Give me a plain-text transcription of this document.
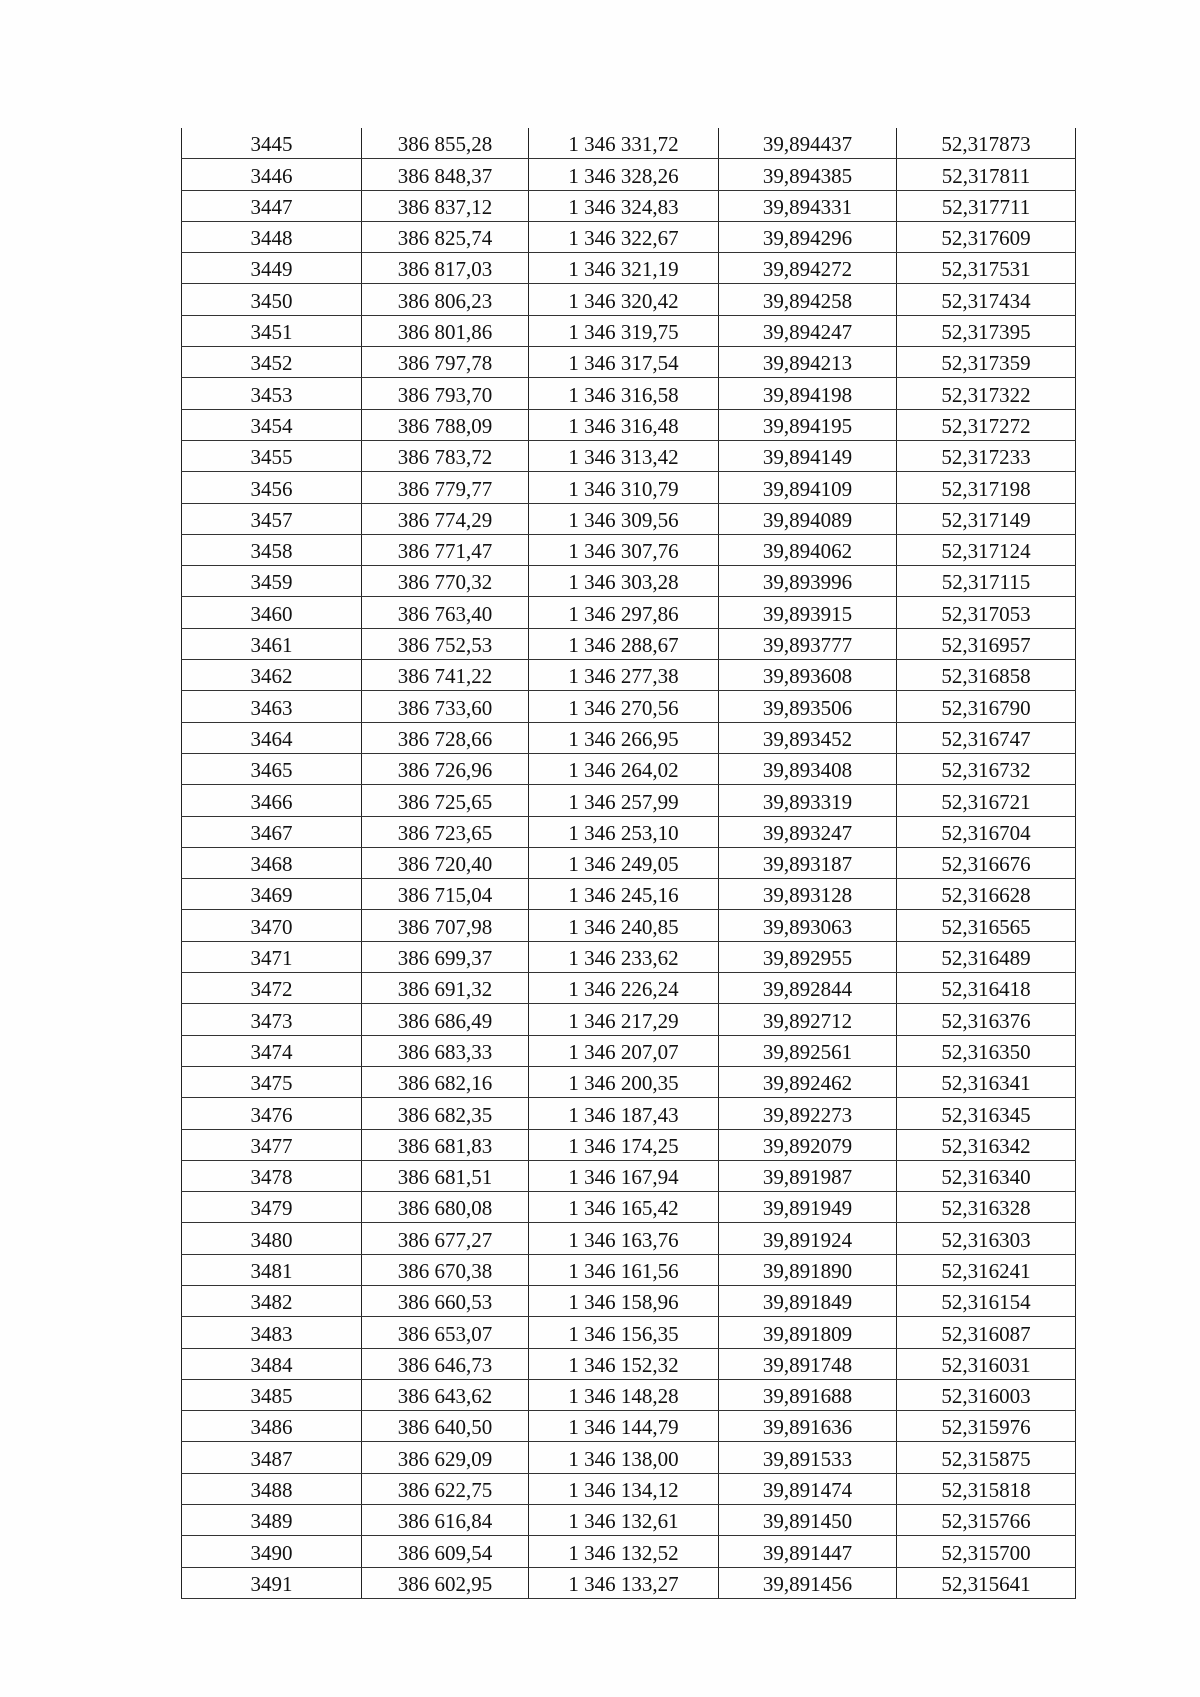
3445	386 855,28	1 346 331,72	39,894437	52,317873
3446	386 848,37	1 346 328,26	39,894385	52,317811
3447	386 837,12	1 346 324,83	39,894331	52,317711
3448	386 825,74	1 346 322,67	39,894296	52,317609
3449	386 817,03	1 346 321,19	39,894272	52,317531
3450	386 806,23	1 346 320,42	39,894258	52,317434
3451	386 801,86	1 346 319,75	39,894247	52,317395
3452	386 797,78	1 346 317,54	39,894213	52,317359
3453	386 793,70	1 346 316,58	39,894198	52,317322
3454	386 788,09	1 346 316,48	39,894195	52,317272
3455	386 783,72	1 346 313,42	39,894149	52,317233
3456	386 779,77	1 346 310,79	39,894109	52,317198
3457	386 774,29	1 346 309,56	39,894089	52,317149
3458	386 771,47	1 346 307,76	39,894062	52,317124
3459	386 770,32	1 346 303,28	39,893996	52,317115
3460	386 763,40	1 346 297,86	39,893915	52,317053
3461	386 752,53	1 346 288,67	39,893777	52,316957
3462	386 741,22	1 346 277,38	39,893608	52,316858
3463	386 733,60	1 346 270,56	39,893506	52,316790
3464	386 728,66	1 346 266,95	39,893452	52,316747
3465	386 726,96	1 346 264,02	39,893408	52,316732
3466	386 725,65	1 346 257,99	39,893319	52,316721
3467	386 723,65	1 346 253,10	39,893247	52,316704
3468	386 720,40	1 346 249,05	39,893187	52,316676
3469	386 715,04	1 346 245,16	39,893128	52,316628
3470	386 707,98	1 346 240,85	39,893063	52,316565
3471	386 699,37	1 346 233,62	39,892955	52,316489
3472	386 691,32	1 346 226,24	39,892844	52,316418
3473	386 686,49	1 346 217,29	39,892712	52,316376
3474	386 683,33	1 346 207,07	39,892561	52,316350
3475	386 682,16	1 346 200,35	39,892462	52,316341
3476	386 682,35	1 346 187,43	39,892273	52,316345
3477	386 681,83	1 346 174,25	39,892079	52,316342
3478	386 681,51	1 346 167,94	39,891987	52,316340
3479	386 680,08	1 346 165,42	39,891949	52,316328
3480	386 677,27	1 346 163,76	39,891924	52,316303
3481	386 670,38	1 346 161,56	39,891890	52,316241
3482	386 660,53	1 346 158,96	39,891849	52,316154
3483	386 653,07	1 346 156,35	39,891809	52,316087
3484	386 646,73	1 346 152,32	39,891748	52,316031
3485	386 643,62	1 346 148,28	39,891688	52,316003
3486	386 640,50	1 346 144,79	39,891636	52,315976
3487	386 629,09	1 346 138,00	39,891533	52,315875
3488	386 622,75	1 346 134,12	39,891474	52,315818
3489	386 616,84	1 346 132,61	39,891450	52,315766
3490	386 609,54	1 346 132,52	39,891447	52,315700
3491	386 602,95	1 346 133,27	39,891456	52,315641
